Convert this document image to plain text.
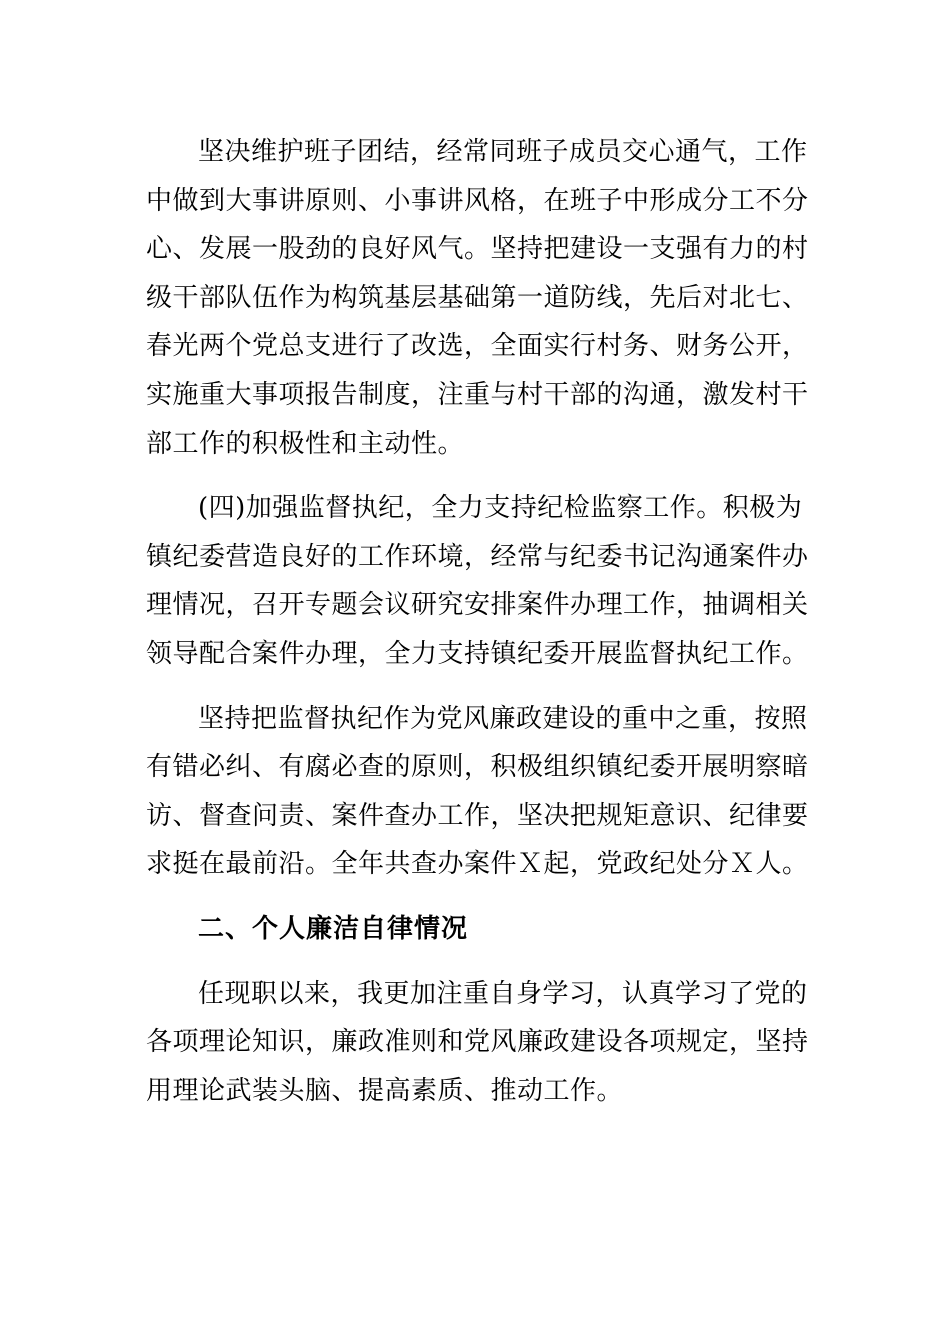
坚决维护班子团结，经常同班子成员交心通气，工作
中做到大事讲原则、小事讲风格，在班子中形成分工不分
心、发展一股劲的良好风气。坚持把建设一支强有力的村
级干部队伍作为构筑基层基础第一道防线，先后对北七、
春光两个党总支进行了改选，全面实行村务、财务公开，
实施重大事项报告制度，注重与村干部的沟通，激发村干
部工作的积极性和主动性。
(四)加强监督执纪，全力支持纪检监察工作。积极为
镇纪委营造良好的工作环境，经常与纪委书记沟通案件办
理情况，召开专题会议研究安排案件办理工作，抽调相关
领导配合案件办理，全力支持镇纪委开展监督执纪工作。
坚持把监督执纪作为党风廉政建设的重中之重，按照
有错必纠、有腐必查的原则，积极组织镇纪委开展明察暗
访、督查问责、案件查办工作，坚决把规矩意识、纪律要
求挺在最前沿。全年共查办案件Ｘ起，党政纪处分Ｘ人。
二、个人廉洁自律情况
任现职以来，我更加注重自身学习，认真学习了党的
各项理论知识，廉政准则和党风廉政建设各项规定，坚持
用理论武装头脑、提高素质、推动工作。
